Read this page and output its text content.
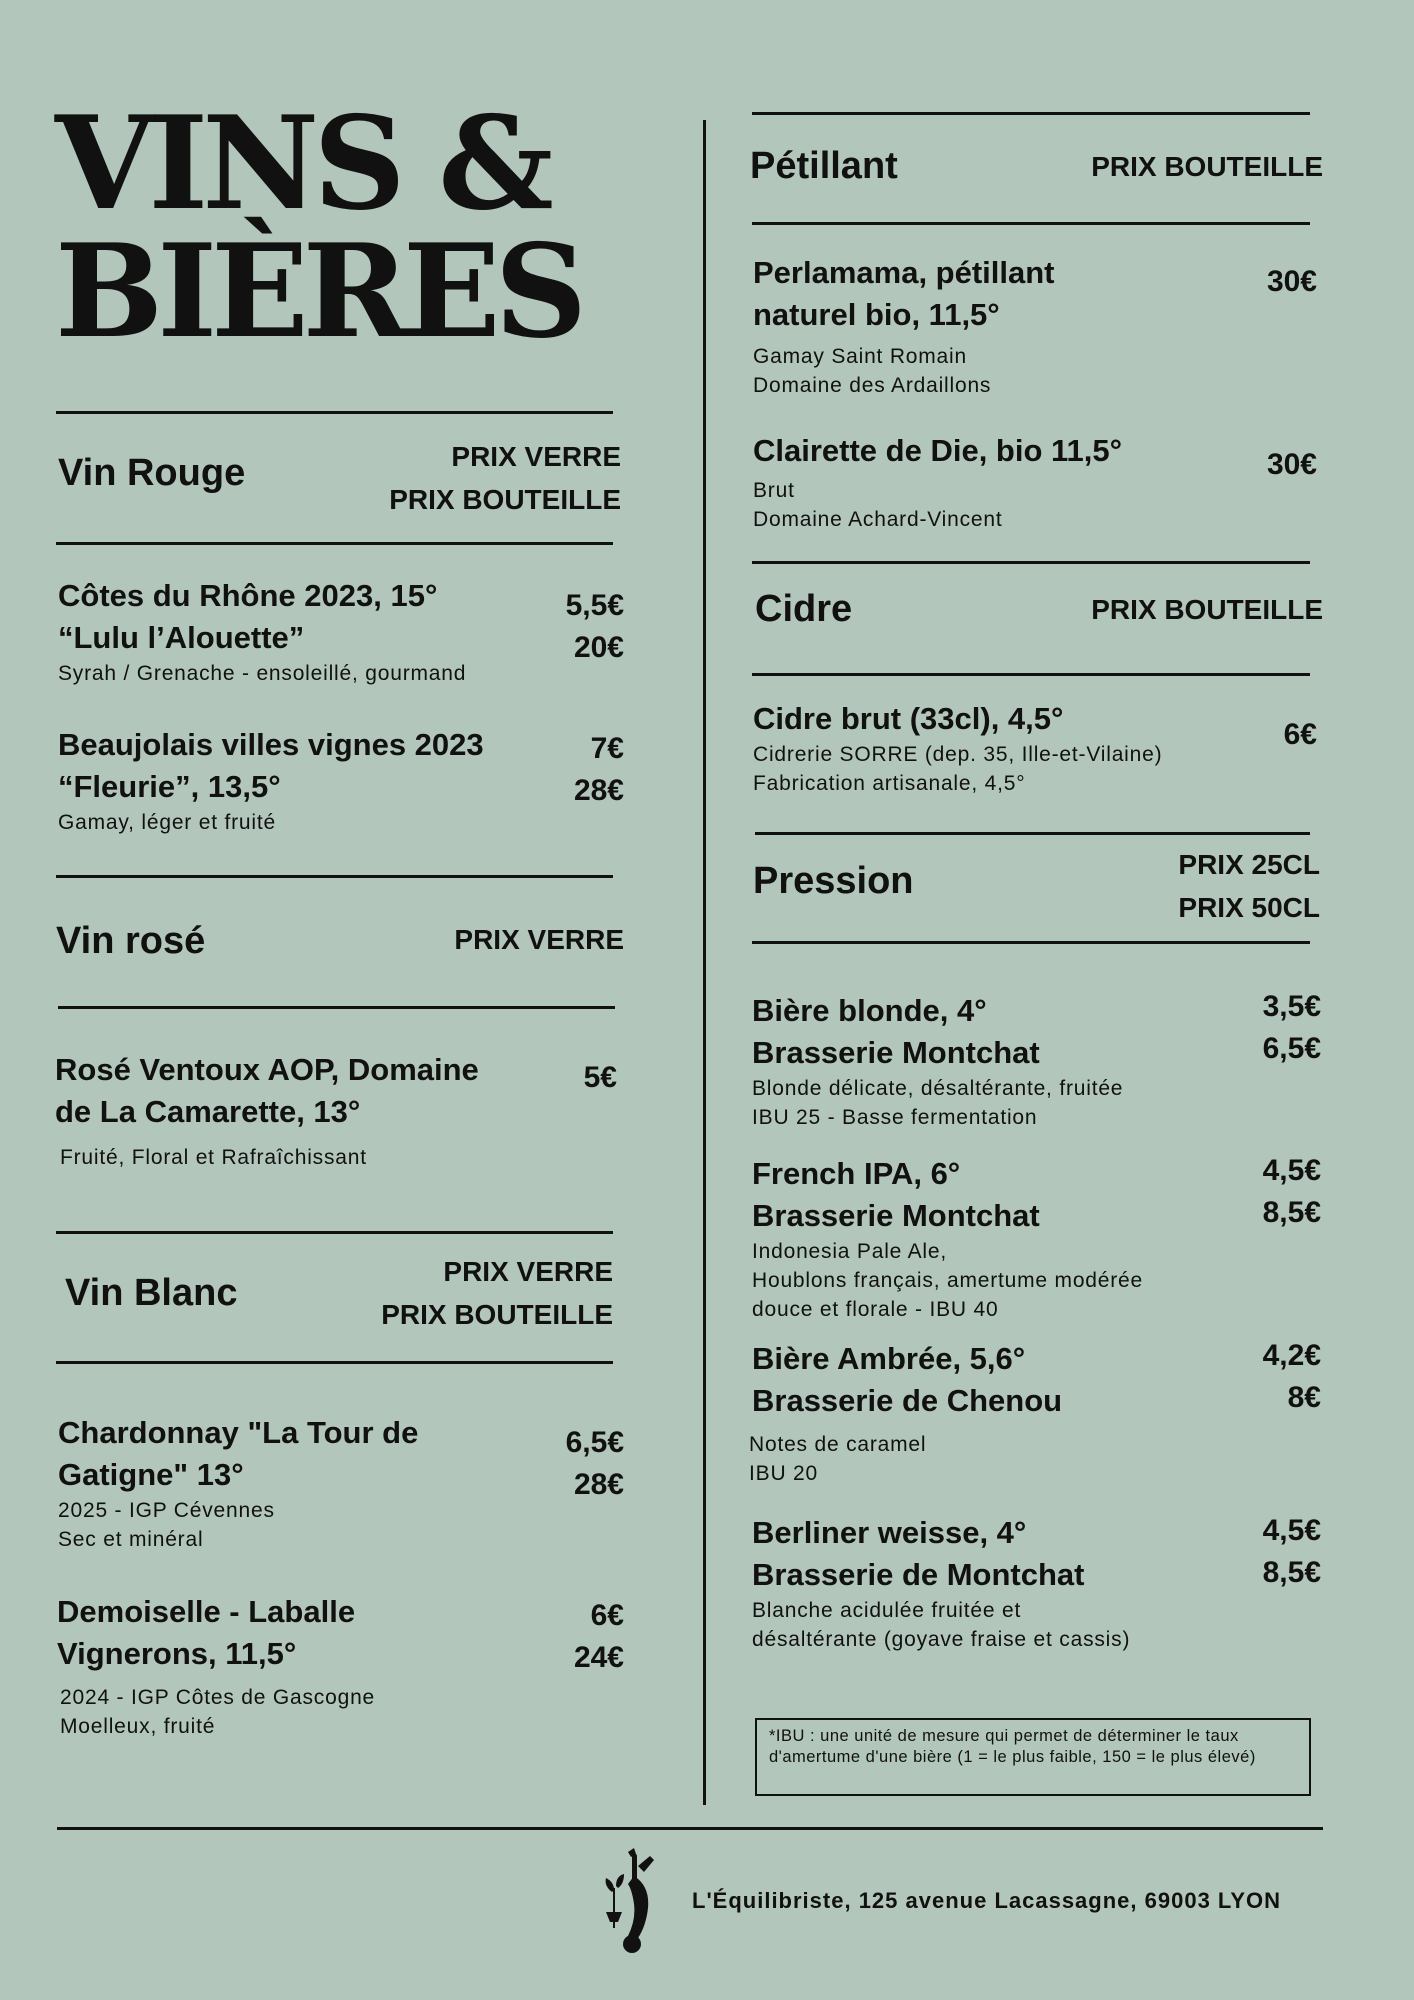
VINS &
BIÈRES
Vin Rouge	PRIX VERRE
PRIX BOUTEILLE
Côtes du Rhône 2023, 15°
“Lulu l’Alouette”
Syrah / Grenache - ensoleillé, gourmand
5,5€
20€
Beaujolais villes vignes 2023
“Fleurie”, 13,5°
Gamay, léger et fruité
7€
28€
Vin rosé	PRIX VERRE
Rosé Ventoux AOP, Domaine
de La Camarette, 13°
Fruité, Floral et Rafraîchissant
5€
Vin Blanc
PRIX VERRE
PRIX BOUTEILLE
Chardonnay "La Tour de
Gatigne" 13°
2025 - IGP Cévennes
Sec et minéral
6,5€
28€
Demoiselle - Laballe
Vignerons, 11,5°
2024 - IGP Côtes de Gascogne
Moelleux, fruité
6€
24€
Pétillant	PRIX BOUTEILLE
Perlamama, pétillant
naturel bio, 11,5°
Gamay Saint Romain
Domaine des Ardaillons
30€
Clairette de Die, bio 11,5°
Brut
Domaine Achard-Vincent
30€
Cidre	PRIX BOUTEILLE
Cidre brut (33cl), 4,5°
Cidrerie SORRE (dep. 35, Ille-et-Vilaine)
Fabrication artisanale, 4,5°
6€
Pression	PRIX 25CL
PRIX 50CL
Bière blonde, 4°
Brasserie Montchat
Blonde délicate, désaltérante, fruitée
IBU 25 - Basse fermentation
3,5€
6,5€
French IPA, 6°
Brasserie Montchat
Indonesia Pale Ale,
Houblons français, amertume modérée
douce et florale - IBU 40
4,5€
8,5€
Bière Ambrée, 5,6°
Brasserie de Chenou
Notes de caramel
IBU 20
4,2€
8€
Berliner weisse, 4°
Brasserie de Montchat
Blanche acidulée fruitée et
désaltérante (goyave fraise et cassis)
4,5€
8,5€
*IBU : une unité de mesure qui permet de déterminer le taux d'amertume d'une bière (1 = le plus faible, 150 = le plus élevé)
L'Équilibriste, 125 avenue Lacassagne, 69003 LYON
